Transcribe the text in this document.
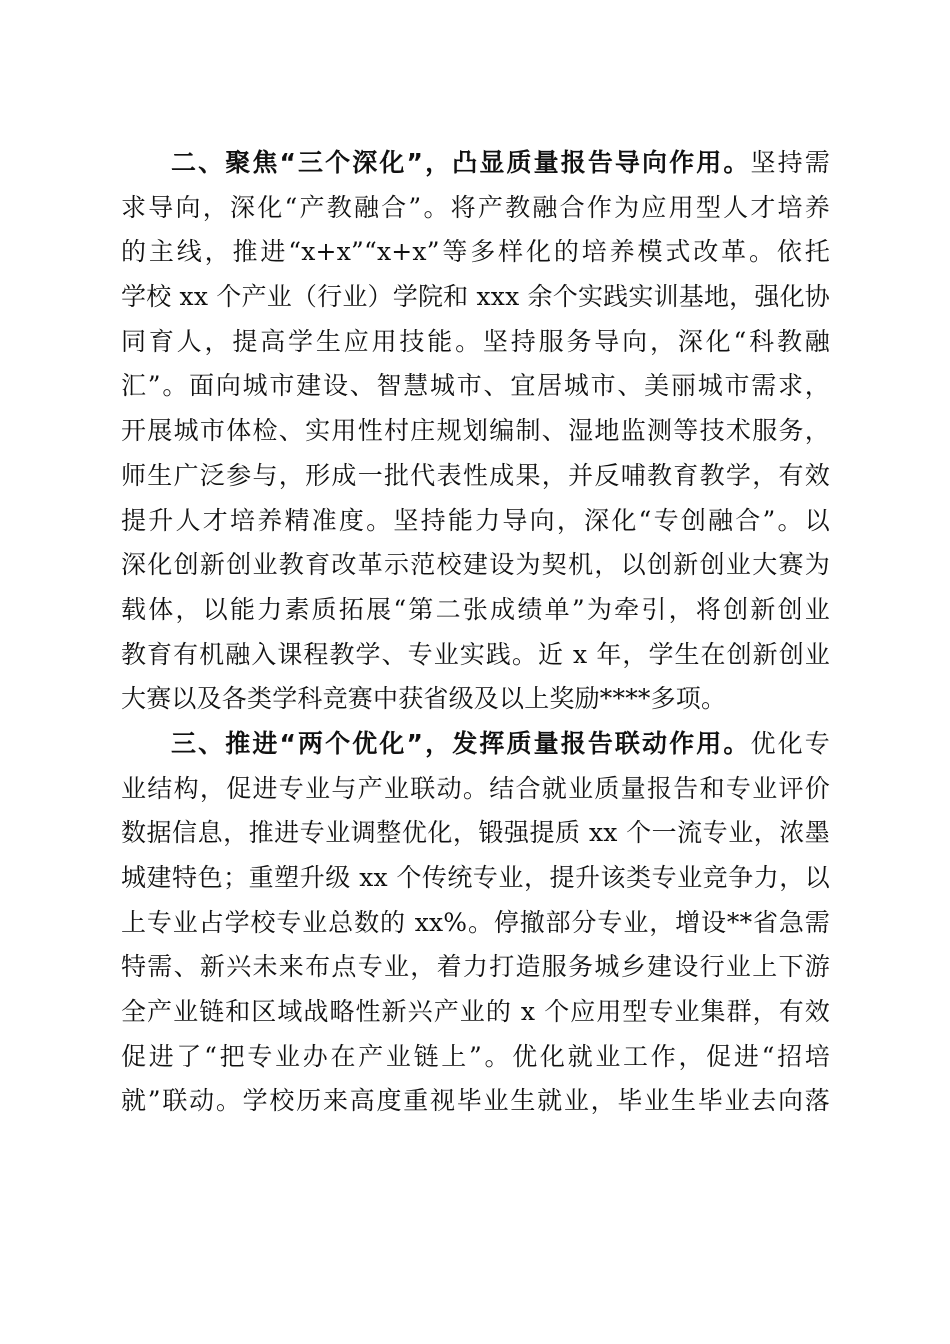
二、聚焦“三个深化”，凸显质量报告导向作用。坚持需
求导向，深化“产教融合”。将产教融合作为应用型人才培养
的主线，推进“x+x”“x+x”等多样化的培养模式改革。依托
学校 xx 个产业（行业）学院和 xxx 余个实践实训基地，强化协
同育人，提高学生应用技能。坚持服务导向，深化“科教融
汇”。面向城市建设、智慧城市、宜居城市、美丽城市需求，
开展城市体检、实用性村庄规划编制、湿地监测等技术服务，
师生广泛参与，形成一批代表性成果，并反哺教育教学，有效
提升人才培养精准度。坚持能力导向，深化“专创融合”。以
深化创新创业教育改革示范校建设为契机，以创新创业大赛为
载体，以能力素质拓展“第二张成绩单”为牵引，将创新创业
教育有机融入课程教学、专业实践。近 x 年，学生在创新创业
大赛以及各类学科竞赛中获省级及以上奖励****多项。
三、推进“两个优化”，发挥质量报告联动作用。优化专
业结构，促进专业与产业联动。结合就业质量报告和专业评价
数据信息，推进专业调整优化，锻强提质 xx 个一流专业，浓墨
城建特色；重塑升级 xx 个传统专业，提升该类专业竞争力，以
上专业占学校专业总数的 xx%。停撤部分专业，增设**省急需
特需、新兴未来布点专业，着力打造服务城乡建设行业上下游
全产业链和区域战略性新兴产业的 x 个应用型专业集群，有效
促进了“把专业办在产业链上”。优化就业工作，促进“招培
就”联动。学校历来高度重视毕业生就业，毕业生毕业去向落
